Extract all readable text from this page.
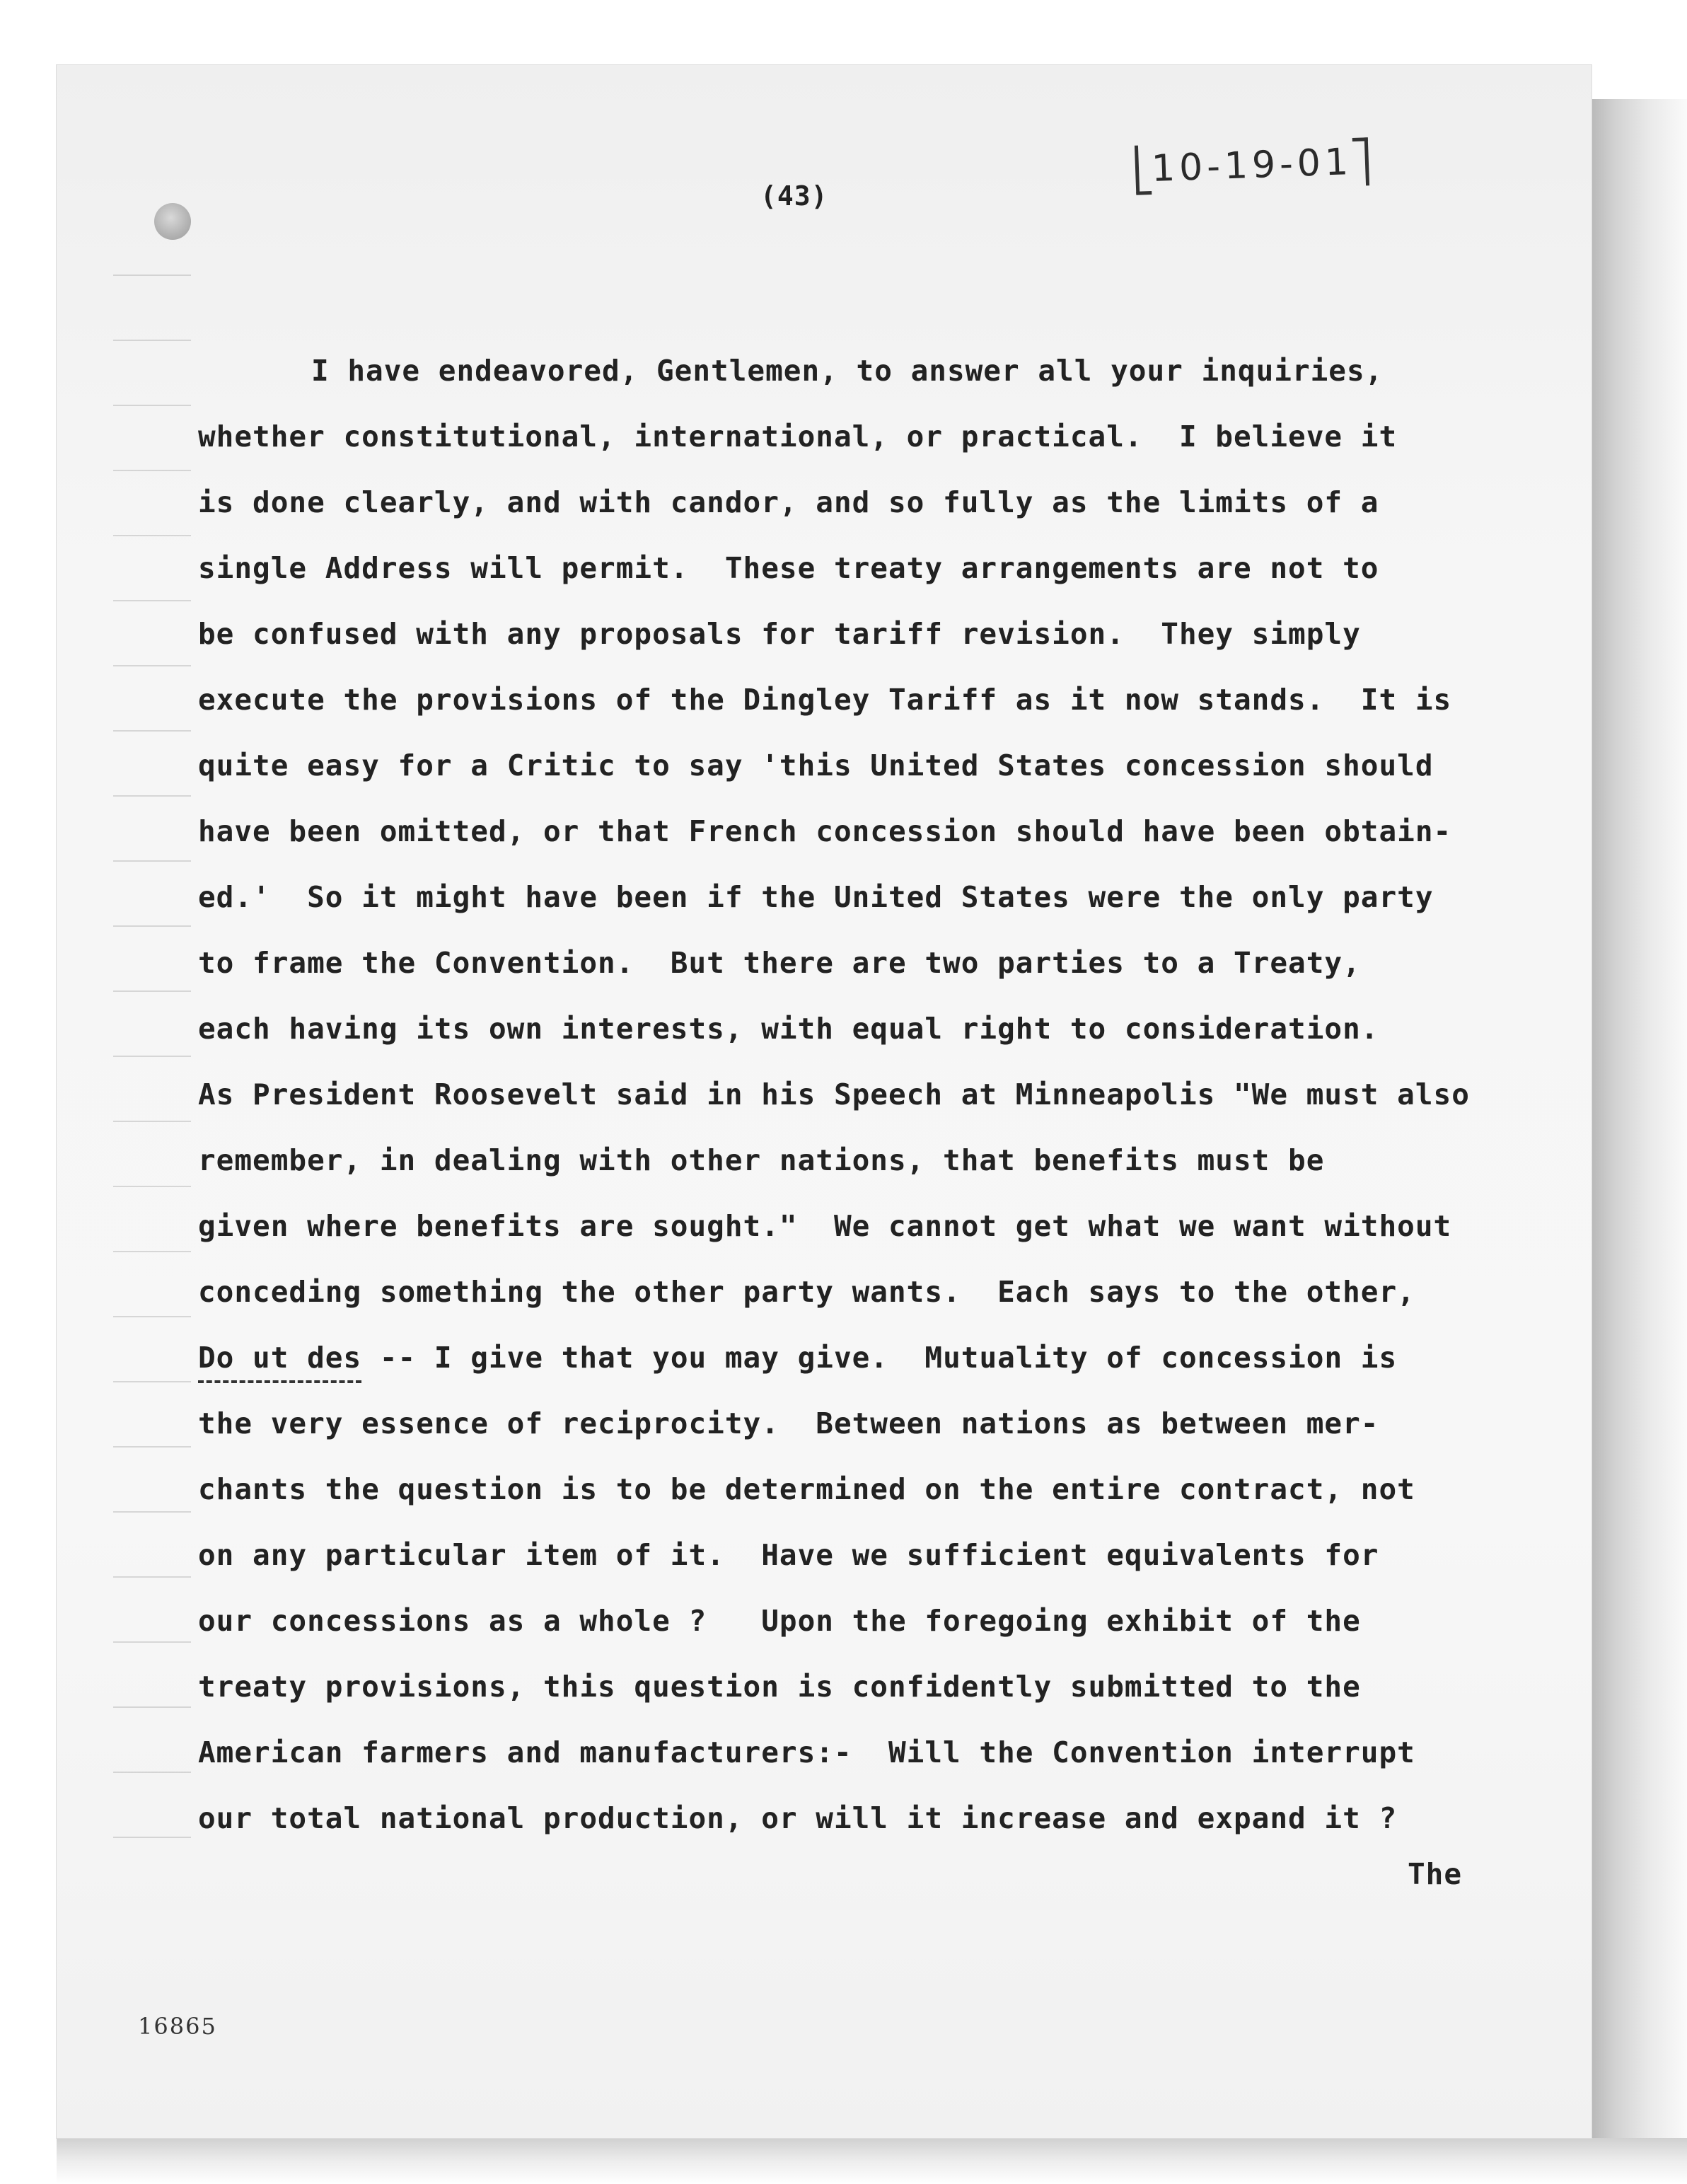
(43)
10-19-01
I have endeavored, Gentlemen, to answer all your inquiries,
whether constitutional, international, or practical.  I believe it
is done clearly, and with candor, and so fully as the limits of a
single Address will permit.  These treaty arrangements are not to
be confused with any proposals for tariff revision.  They simply
execute the provisions of the Dingley Tariff as it now stands.  It is
quite easy for a Critic to say 'this United States concession should
have been omitted, or that French concession should have been obtain-
ed.'  So it might have been if the United States were the only party
to frame the Convention.  But there are two parties to a Treaty,
each having its own interests, with equal right to consideration.
As President Roosevelt said in his Speech at Minneapolis "We must also
remember, in dealing with other nations, that benefits must be
given where benefits are sought."  We cannot get what we want without
conceding something the other party wants.  Each says to the other,
Do ut des -- I give that you may give.  Mutuality of concession is
the very essence of reciprocity.  Between nations as between mer-
chants the question is to be determined on the entire contract, not
on any particular item of it.  Have we sufficient equivalents for
our concessions as a whole ?   Upon the foregoing exhibit of the
treaty provisions, this question is confidently submitted to the
American farmers and manufacturers:-  Will the Convention interrupt
our total national production, or will it increase and expand it ?
The
16865
